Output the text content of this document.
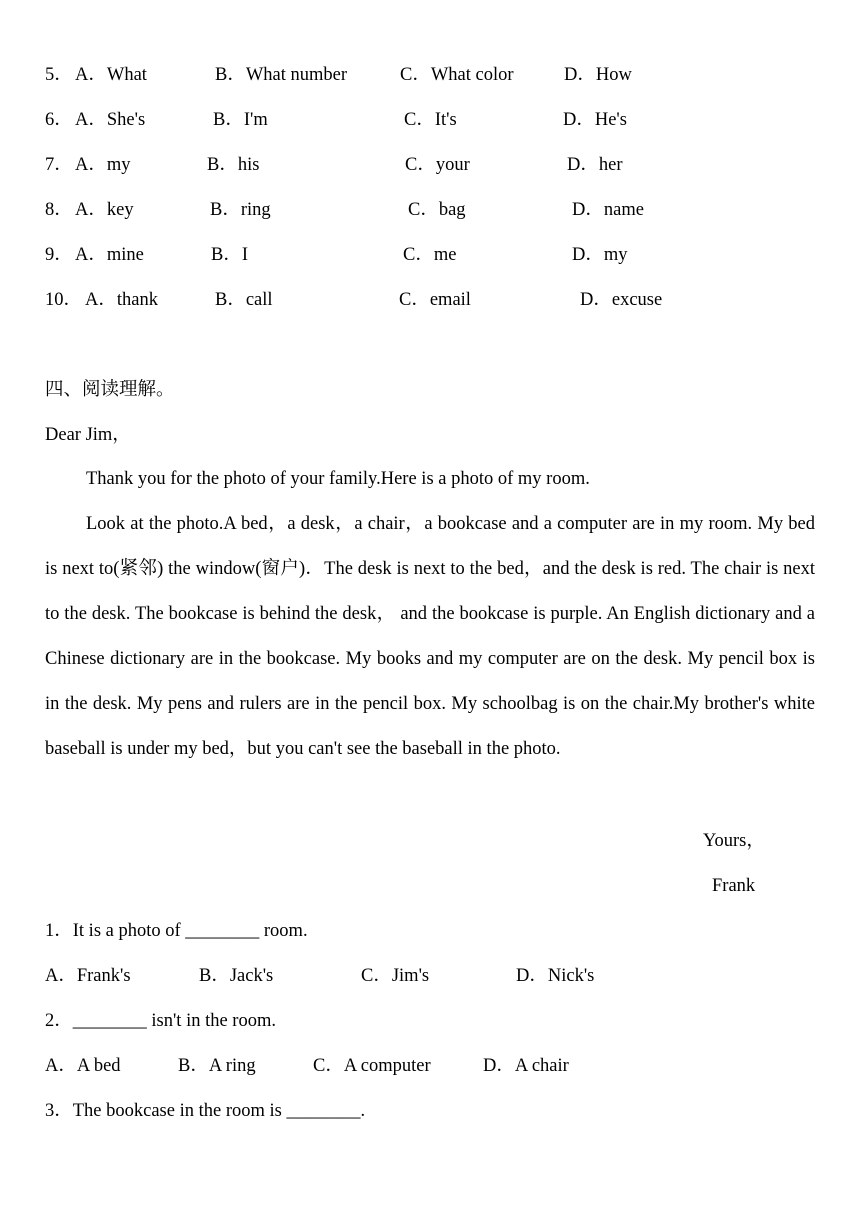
5． A．What	B．What number	C．What color	D．How
6． A．She's	B．I'm	C．It's	D．He's
7． A．my	B．his	C．your	D．her
8． A．key	B．ring	C．bag	D．name
9． A．mine	B．I	C．me	D．my
10． A．thank	B．call	C．email	D．excuse
四、阅读理解。
Dear Jim，
Thank you for the photo of your family.Here is a photo of my room.
Look at the photo.A bed，a desk，a chair，a bookcase and a computer are in my room. My bed is next to(紧邻) the window(窗户)．The desk is next to the bed，and the desk is red. The chair is next to the desk. The bookcase is behind the desk， and the bookcase is purple. An English dictionary and a Chinese dictionary are in the bookcase. My books and my computer are on the desk. My pencil box is in the desk. My pens and rulers are in the pencil box. My schoolbag is on the chair.My brother's white baseball is under my bed，but you can't see the baseball in the photo.
Yours，
Frank
1．It is a photo of ________ room.
A．Frank's	B．Jack's	C．Jim's	D．Nick's
2．________ isn't in the room.
A．A bed	B．A ring	C．A computer	D．A chair
3．The bookcase in the room is ________.
